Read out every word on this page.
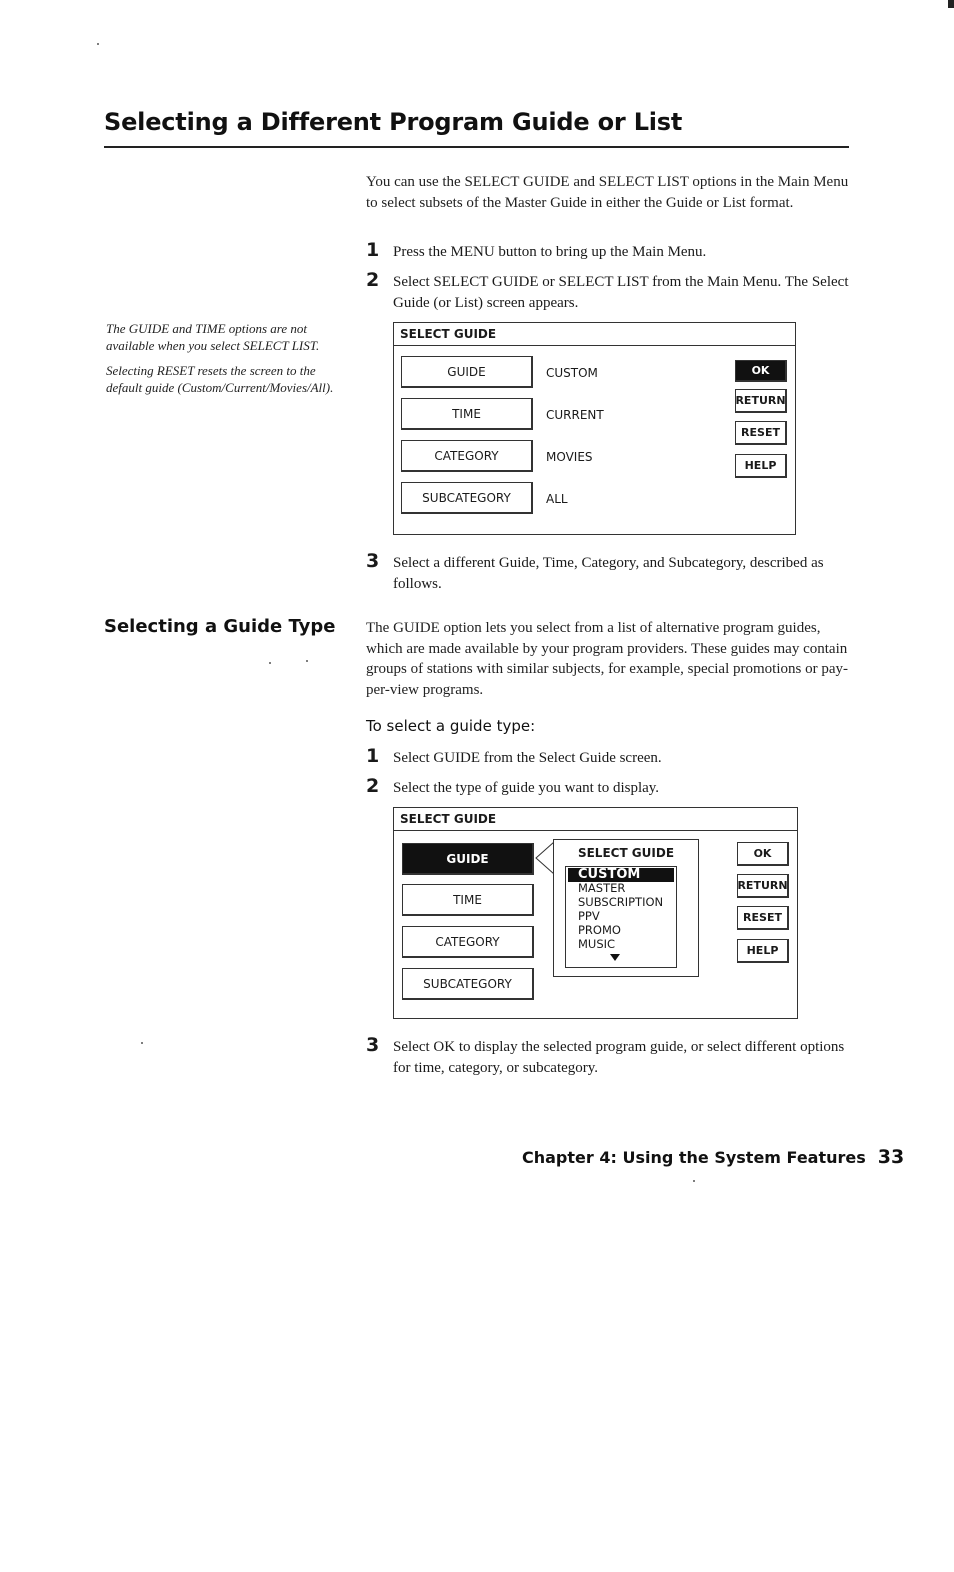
Selecting a Different Program Guide or List
You can use the SELECT GUIDE and SELECT LIST options in the Main Menu to select subsets of the Master Guide in either the Guide or List format.
1 Press the MENU button to bring up the Main Menu.
2 Select SELECT GUIDE or SELECT LIST from the Main Menu. The Select Guide (or List) screen appears.
The GUIDE and TIME options are not available when you select SELECT LIST.
Selecting RESET resets the screen to the default guide (Custom/Current/Movies/All).
SELECT GUIDE
GUIDE	CUSTOM
TIME	CURRENT
CATEGORY	MOVIES
SUBCATEGORY	ALL
OK
RETURN
RESET
HELP
3 Select a different Guide, Time, Category, and Subcategory, described as follows.
Selecting a Guide Type The GUIDE option lets you select from a list of alternative program guides, which are made available by your program providers. These guides may contain groups of stations with similar subjects, for example, special promotions or pay-per-view programs.
To select a guide type:
1 Select GUIDE from the Select Guide screen.
2 Select the type of guide you want to display.
SELECT GUIDE
GUIDE
TIME
CATEGORY
SUBCATEGORY
SELECT GUIDE
CUSTOM
MASTER
SUBSCRIPTION
PPV
PROMO
MUSIC
OK
RETURN
RESET
HELP
3 Select OK to display the selected program guide, or select different options for time, category, or subcategory.
Chapter 4: Using the System Features 33
